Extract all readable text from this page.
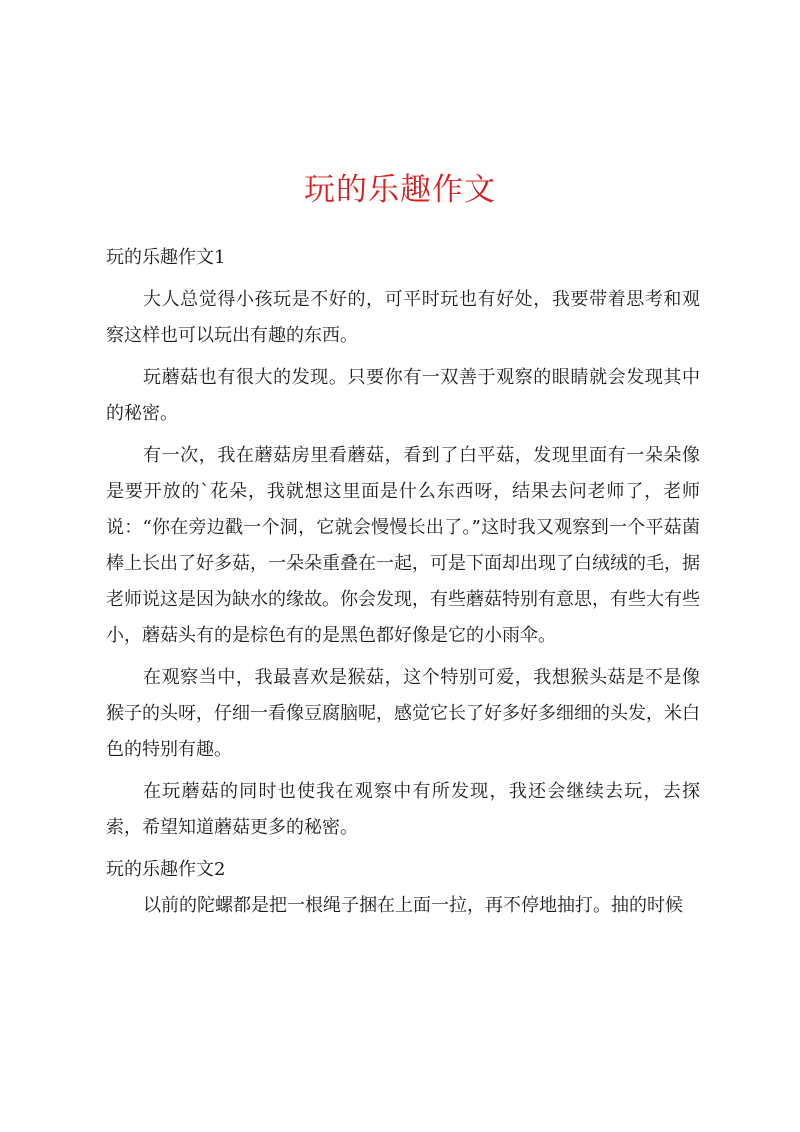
玩的乐趣作文
玩的乐趣作文1

大人总觉得小孩玩是不好的，可平时玩也有好处，我要带着思考和观察这样也可以玩出有趣的东西。

玩蘑菇也有很大的发现。只要你有一双善于观察的眼睛就会发现其中的秘密。

有一次，我在蘑菇房里看蘑菇，看到了白平菇，发现里面有一朵朵像是要开放的`花朵，我就想这里面是什么东西呀，结果去问老师了，老师说：“你在旁边戳一个洞，它就会慢慢长出了。”这时我又观察到一个平菇菌棒上长出了好多菇，一朵朵重叠在一起，可是下面却出现了白绒绒的毛，据老师说这是因为缺水的缘故。你会发现，有些蘑菇特别有意思，有些大有些小，蘑菇头有的是棕色有的是黑色都好像是它的小雨伞。

在观察当中，我最喜欢是猴菇，这个特别可爱，我想猴头菇是不是像猴子的头呀，仔细一看像豆腐脑呢，感觉它长了好多好多细细的头发，米白色的特别有趣。

在玩蘑菇的同时也使我在观察中有所发现，我还会继续去玩，去探索，希望知道蘑菇更多的秘密。

玩的乐趣作文2

以前的陀螺都是把一根绳子捆在上面一拉，再不停地抽打。抽的时候
